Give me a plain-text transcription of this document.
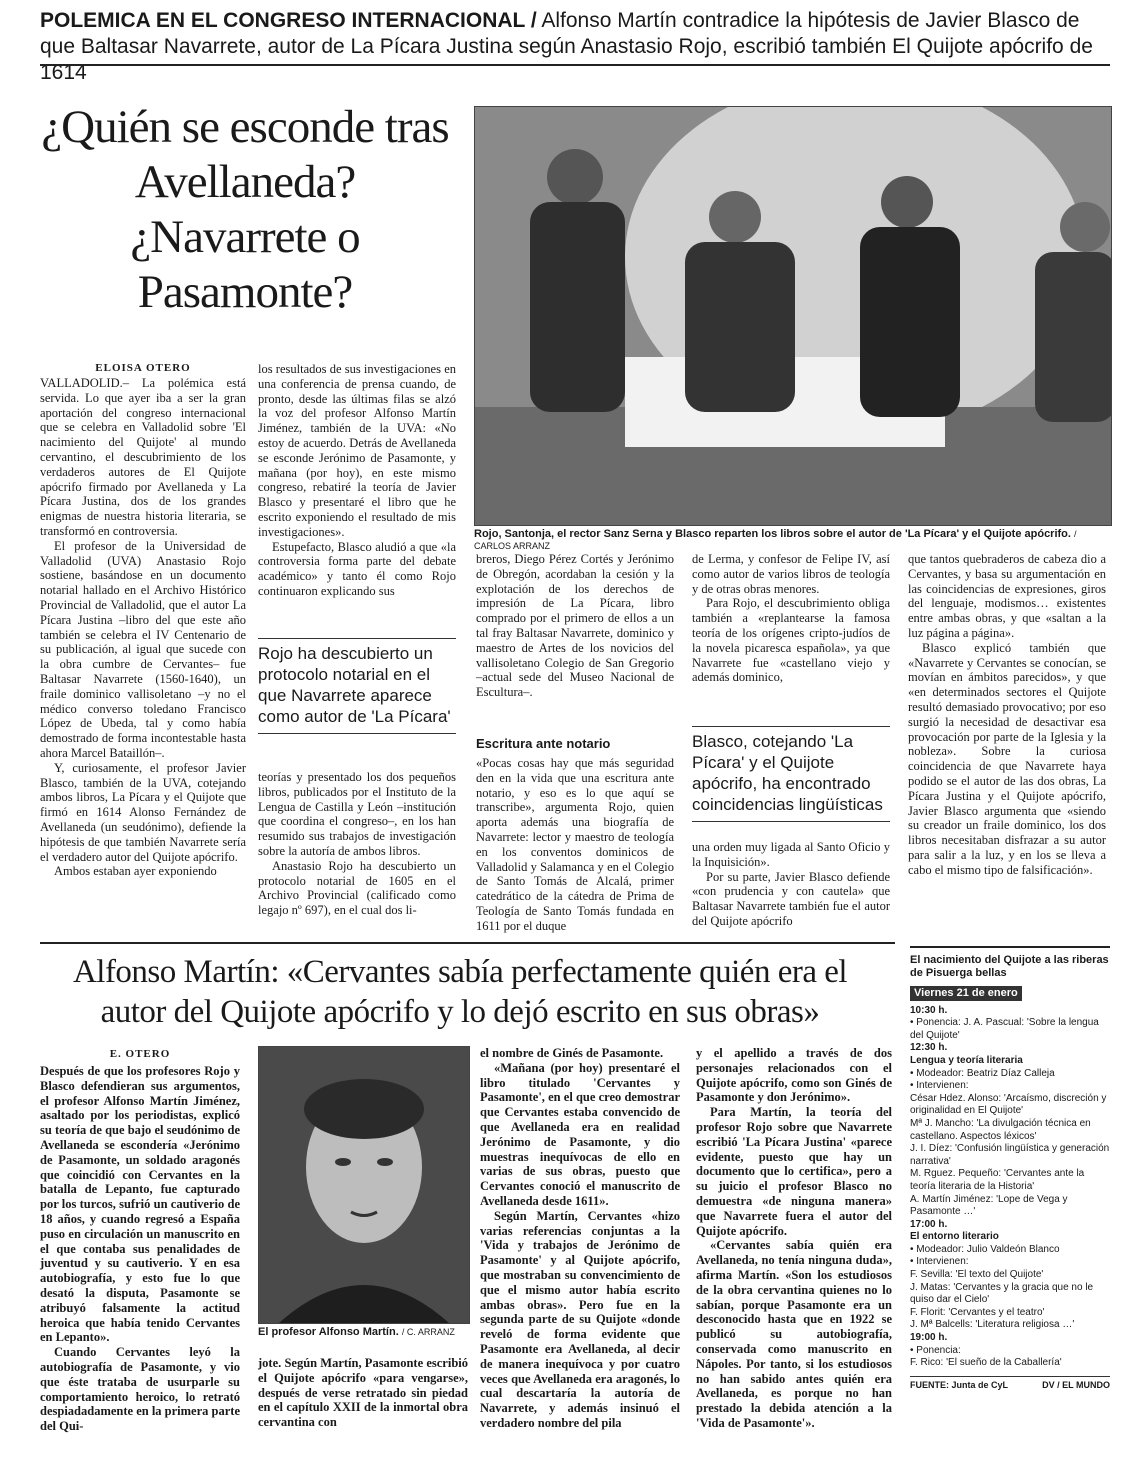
POLEMICA EN EL CONGRESO INTERNACIONAL / Alfonso Martín contradice la hipótesis de Javier Blasco de que Baltasar Navarrete, autor de La Pícara Justina según Anastasio Rojo, escribió también El Quijote apócrifo de 1614
¿Quién se esconde tras Avellaneda? ¿Navarrete o Pasamonte?
Rojo, Santonja, el rector Sanz Serna y Blasco reparten los libros sobre el autor de 'La Pícara' y el Quijote apócrifo. / CARLOS ARRANZ
ELOISA OTERO

VALLADOLID.– La polémica está servida. Lo que ayer iba a ser la gran aportación del congreso internacional que se celebra en Valladolid sobre 'El nacimiento del Quijote' al mundo cervantino, el descubrimiento de los verdaderos autores de El Quijote apócrifo firmado por Avellaneda y La Pícara Justina, dos de los grandes enigmas de nuestra historia literaria, se transformó en controversia.

El profesor de la Universidad de Valladolid (UVA) Anastasio Rojo sostiene, basándose en un documento notarial hallado en el Archivo Histórico Provincial de Valladolid, que el autor La Pícara Justina –libro del que este año también se celebra el IV Centenario de su publicación, al igual que sucede con la obra cumbre de Cervantes– fue Baltasar Navarrete (1560-1640), un fraile dominico vallisoletano –y no el médico converso toledano Francisco López de Ubeda, tal y como había demostrado de forma incontestable hasta ahora Marcel Bataillón–.

Y, curiosamente, el profesor Javier Blasco, también de la UVA, cotejando ambos libros, La Pícara y el Quijote que firmó en 1614 Alonso Fernández de Avellaneda (un seudónimo), defiende la hipótesis de que también Navarrete sería el verdadero autor del Quijote apócrifo.

Ambos estaban ayer exponiendo

los resultados de sus investigaciones en una conferencia de prensa cuando, de pronto, desde las últimas filas se alzó la voz del profesor Alfonso Martín Jiménez, también de la UVA: «No estoy de acuerdo. Detrás de Avellaneda se esconde Jerónimo de Pasamonte, y mañana (por hoy), en este mismo congreso, rebatiré la teoría de Javier Blasco y presentaré el libro que he escrito exponiendo el resultado de mis investigaciones».

Estupefacto, Blasco aludió a que «la controversia forma parte del debate académico» y tanto él como Rojo continuaron explicando sus

Rojo ha descubierto un protocolo notarial en el que Navarrete aparece como autor de 'La Pícara'

teorías y presentado los dos pequeños libros, publicados por el Instituto de la Lengua de Castilla y León –institución que coordina el congreso–, en los han resumido sus trabajos de investigación sobre la autoría de ambos libros.

Anastasio Rojo ha descubierto un protocolo notarial de 1605 en el Archivo Provincial (calificado como legajo nº 697), en el cual dos li-

breros, Diego Pérez Cortés y Jerónimo de Obregón, acordaban la cesión y la explotación de los derechos de impresión de La Pícara, libro comprado por el primero de ellos a un tal fray Baltasar Navarrete, dominico y maestro de Artes de los novicios del vallisoletano Colegio de San Gregorio –actual sede del Museo Nacional de Escultura–.

Escritura ante notario

«Pocas cosas hay que más seguridad den en la vida que una escritura ante notario, y eso es lo que aquí se transcribe», argumenta Rojo, quien aporta además una biografía de Navarrete: lector y maestro de teología en los conventos dominicos de Valladolid y Salamanca y en el Colegio de Santo Tomás de Alcalá, primer catedrático de la cátedra de Prima de Teología de Santo Tomás fundada en 1611 por el duque

de Lerma, y confesor de Felipe IV, así como autor de varios libros de teología y de otras obras menores.

Para Rojo, el descubrimiento obliga también a «replantearse la famosa teoría de los orígenes cripto-judíos de la novela picaresca española», ya que Navarrete fue «castellano viejo y además dominico,

Blasco, cotejando 'La Pícara' y el Quijote apócrifo, ha encontrado coincidencias lingüísticas

una orden muy ligada al Santo Oficio y la Inquisición».

Por su parte, Javier Blasco defiende «con prudencia y con cautela» que Baltasar Navarrete también fue el autor del Quijote apócrifo

que tantos quebraderos de cabeza dio a Cervantes, y basa su argumentación en las coincidencias de expresiones, giros del lenguaje, modismos… existentes entre ambas obras, y que «saltan a la luz página a página».

Blasco explicó también que «Navarrete y Cervantes se conocían, se movían en ámbitos parecidos», y que «en determinados sectores el Quijote resultó demasiado provocativo; por eso surgió la necesidad de desactivar esa provocación por parte de la Iglesia y la nobleza». Sobre la curiosa coincidencia de que Navarrete haya podido se el autor de las dos obras, La Pícara Justina y el Quijote apócrifo, Javier Blasco argumenta que «siendo su creador un fraile dominico, los dos libros necesitaban disfrazar a su autor para salir a la luz, y en los se lleva a cabo el mismo tipo de falsificación».

Alfonso Martín: «Cervantes sabía perfectamente quién era el autor del Quijote apócrifo y lo dejó escrito en sus obras»
E. OTERO

Después de que los profesores Rojo y Blasco defendieran sus argumentos, el profesor Alfonso Martín Jiménez, asaltado por los periodistas, explicó su teoría de que bajo el seudónimo de Avellaneda se escondería «Jerónimo de Pasamonte, un soldado aragonés que coincidió con Cervantes en la batalla de Lepanto, fue capturado por los turcos, sufrió un cautiverio de 18 años, y cuando regresó a España puso en circulación un manuscrito en el que contaba sus penalidades de juventud y su cautiverio. Y en esa autobiografía, y esto fue lo que desató la disputa, Pasamonte se atribuyó falsamente la actitud heroica que había tenido Cervantes en Lepanto».

Cuando Cervantes leyó la autobiografía de Pasamonte, y vio que éste trataba de usurparle su comportamiento heroico, lo retrató despiadadamente en la primera parte del Qui-

El profesor Alfonso Martín. / C. ARRANZ

jote. Según Martín, Pasamonte escribió el Quijote apócrifo «para vengarse», después de verse retratado sin piedad en el capítulo XXII de la inmortal obra cervantina con

el nombre de Ginés de Pasamonte.

«Mañana (por hoy) presentaré el libro titulado 'Cervantes y Pasamonte', en el que creo demostrar que Cervantes estaba convencido de que Avellaneda era en realidad Jerónimo de Pasamonte, y dio muestras inequívocas de ello en varias de sus obras, puesto que Cervantes conoció el manuscrito de Avellaneda desde 1611».

Según Martín, Cervantes «hizo varias referencias conjuntas a la 'Vida y trabajos de Jerónimo de Pasamonte' y al Quijote apócrifo, que mostraban su convencimiento de que el mismo autor había escrito ambas obras». Pero fue en la segunda parte de su Quijote «donde reveló de forma evidente que Pasamonte era Avellaneda, al decir de manera inequívoca y por cuatro veces que Avellaneda era aragonés, lo cual descartaría la autoría de Navarrete, y además insinuó el verdadero nombre del pila

y el apellido a través de dos personajes relacionados con el Quijote apócrifo, como son Ginés de Pasamonte y don Jerónimo».

Para Martín, la teoría del profesor Rojo sobre que Navarrete escribió 'La Pícara Justina' «parece evidente, puesto que hay un documento que lo certifica», pero a su juicio el profesor Blasco no demuestra «de ninguna manera» que Navarrete fuera el autor del Quijote apócrifo.

«Cervantes sabía quién era Avellaneda, no tenía ninguna duda», afirma Martín. «Son los estudiosos de la obra cervantina quienes no lo sabían, porque Pasamonte era un desconocido hasta que en 1922 se publicó su autobiografía, conservada como manuscrito en Nápoles. Por tanto, si los estudiosos no han sabido antes quién era Avellaneda, es porque no han prestado la debida atención a la 'Vida de Pasamonte'».

El nacimiento del Quijote a las riberas de Pisuerga bellas
Viernes 21 de enero
10:30 h.
• Ponencia: J. A. Pascual: 'Sobre la lengua del Quijote'
12:30 h.
Lengua y teoría literaria
• Modeador: Beatriz Díaz Calleja
• Intervienen:
César Hdez. Alonso: 'Arcaísmo, discreción y originalidad en El Quijote'
Mª J. Mancho: 'La divulgación técnica en castellano. Aspectos léxicos'
J. I. Díez: 'Confusión lingüística y generación narrativa'
M. Rguez. Pequeño: 'Cervantes ante la teoría literaria de la Historia'
A. Martín Jiménez: 'Lope de Vega y Pasamonte …'
17:00 h.
El entorno literario
• Modeador: Julio Valdeón Blanco
• Intervienen:
F. Sevilla: 'El texto del Quijote'
J. Matas: 'Cervantes y la gracia que no le quiso dar el Cielo'
F. Florit: 'Cervantes y el teatro'
J. Mª Balcells: 'Literatura religiosa …'
19:00 h.
• Ponencia:
F. Rico: 'El sueño de la Caballería'
FUENTE: Junta de CyL	DV / EL MUNDO
